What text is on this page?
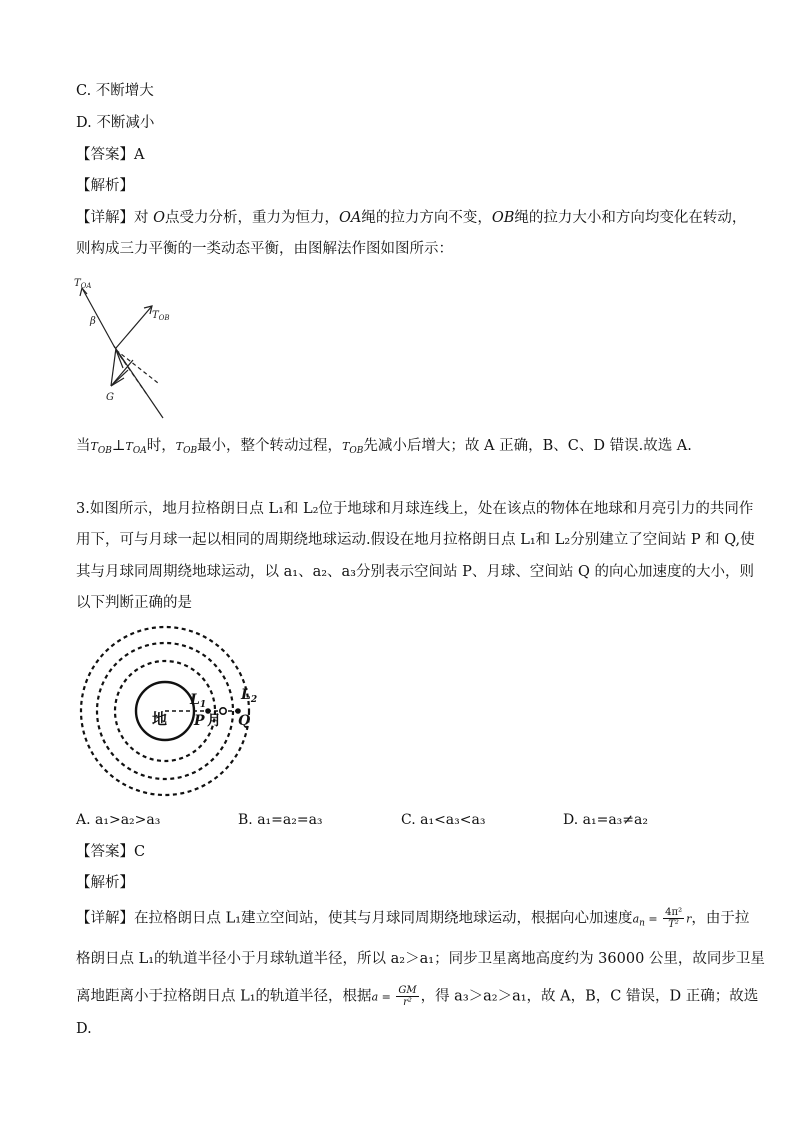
C. 不断增大
D. 不断减小
【答案】A
【解析】
【详解】对 O点受力分析，重力为恒力，OA绳的拉力方向不变，OB绳的拉力大小和方向均变化在转动，
则构成三力平衡的一类动态平衡，由图解法作图如图所示：
$T_{OA}$
β
$T_{OB}$
G
当$T_{OB}\perp T_{OA}$时，$T_{OB}$最小，整个转动过程，$T_{OB}$先减小后增大；故 A 正确，B、C、D 错误.故选 A.
3.如图所示，地月拉格朗日点 L₁和 L₂位于地球和月球连线上，处在该点的物体在地球和月亮引力的共同作
用下，可与月球一起以相同的周期绕地球运动.假设在地月拉格朗日点 L₁和 L₂分别建立了空间站 P 和 Q,使
其与月球同周期绕地球运动，以 a₁、a₂、a₃分别表示空间站 P、月球、空间站 Q 的向心加速度的大小，则
以下判断正确的是
地 P 月 Q
$L_1$
$L_2$
A. a₁>a₂>a₃	B. a₁=a₂=a₃	C. a₁<a₃<a₃	D. a₁=a₃≠a₂
【答案】C
【解析】
【详解】在拉格朗日点 L₁建立空间站，使其与月球同周期绕地球运动，根据向心加速度$a_n = \frac{\text{4π²}}{\text{T²}}$ r，由于拉
格朗日点 L₁的轨道半径小于月球轨道半径，所以 a₂＞a₁；同步卫星离地高度约为 36000 公里，故同步卫星
离地距离小于拉格朗日点 L₁的轨道半径，根据$a = \frac{GM}{\text{r²}}$ ，得 a₃＞a₂＞a₁，故 A，B，C 错误，D 正确；故选
D.
